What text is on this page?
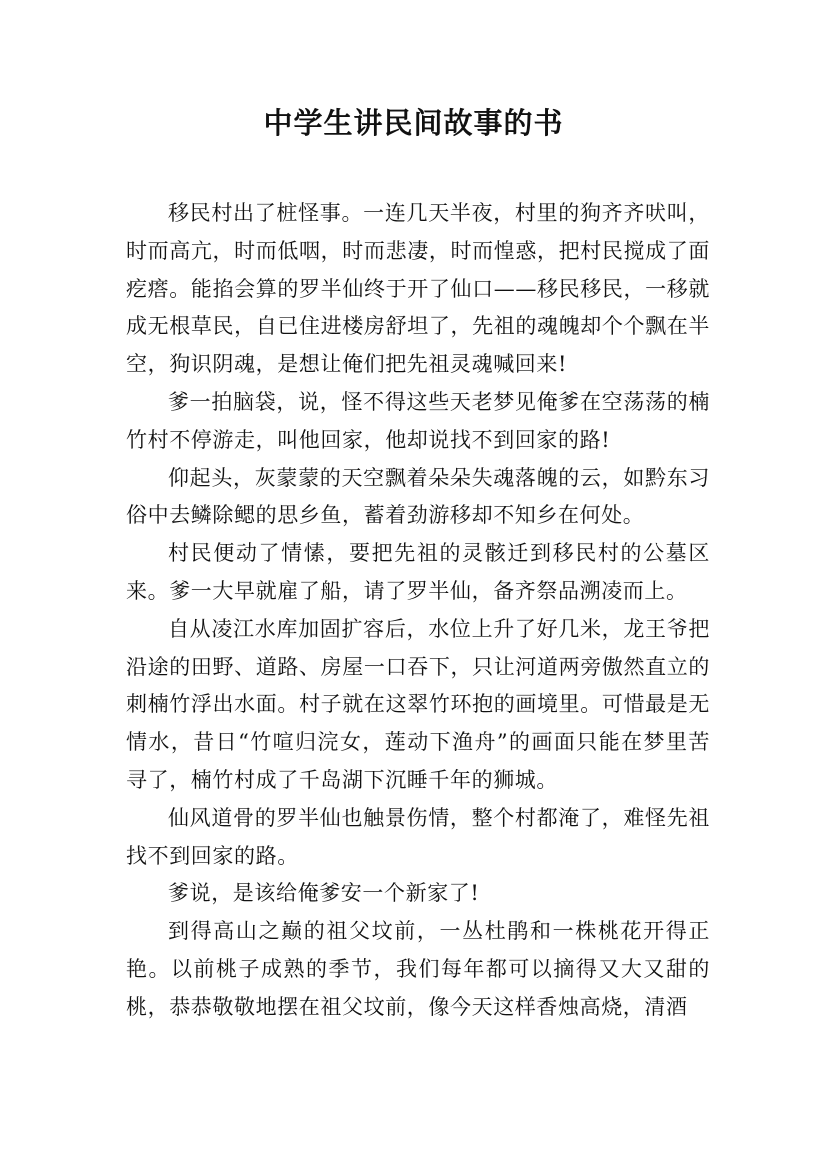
中学生讲民间故事的书

移民村出了桩怪事。一连几天半夜，村里的狗齐齐吠叫，时而高亢，时而低咽，时而悲凄，时而惶惑，把村民搅成了面疙瘩。能掐会算的罗半仙终于开了仙口——移民移民，一移就成无根草民，自已住进楼房舒坦了，先祖的魂魄却个个飘在半空，狗识阴魂，是想让俺们把先祖灵魂喊回来!

爹一拍脑袋，说，怪不得这些天老梦见俺爹在空荡荡的楠竹村不停游走，叫他回家，他却说找不到回家的路!

仰起头，灰蒙蒙的天空飘着朵朵失魂落魄的云，如黔东习俗中去鳞除鳃的思乡鱼，蓄着劲游移却不知乡在何处。

村民便动了情愫，要把先祖的灵骸迁到移民村的公墓区来。爹一大早就雇了船，请了罗半仙，备齐祭品溯凌而上。

自从凌江水库加固扩容后，水位上升了好几米，龙王爷把沿途的田野、道路、房屋一口吞下，只让河道两旁傲然直立的刺楠竹浮出水面。村子就在这翠竹环抱的画境里。可惜最是无情水，昔日“竹喧归浣女，莲动下渔舟”的画面只能在梦里苦寻了，楠竹村成了千岛湖下沉睡千年的狮城。

仙风道骨的罗半仙也触景伤情，整个村都淹了，难怪先祖找不到回家的路。

爹说，是该给俺爹安一个新家了!

到得高山之巅的祖父坟前，一丛杜鹃和一株桃花开得正艳。以前桃子成熟的季节，我们每年都可以摘得又大又甜的桃，恭恭敬敬地摆在祖父坟前，像今天这样香烛高烧，清酒
